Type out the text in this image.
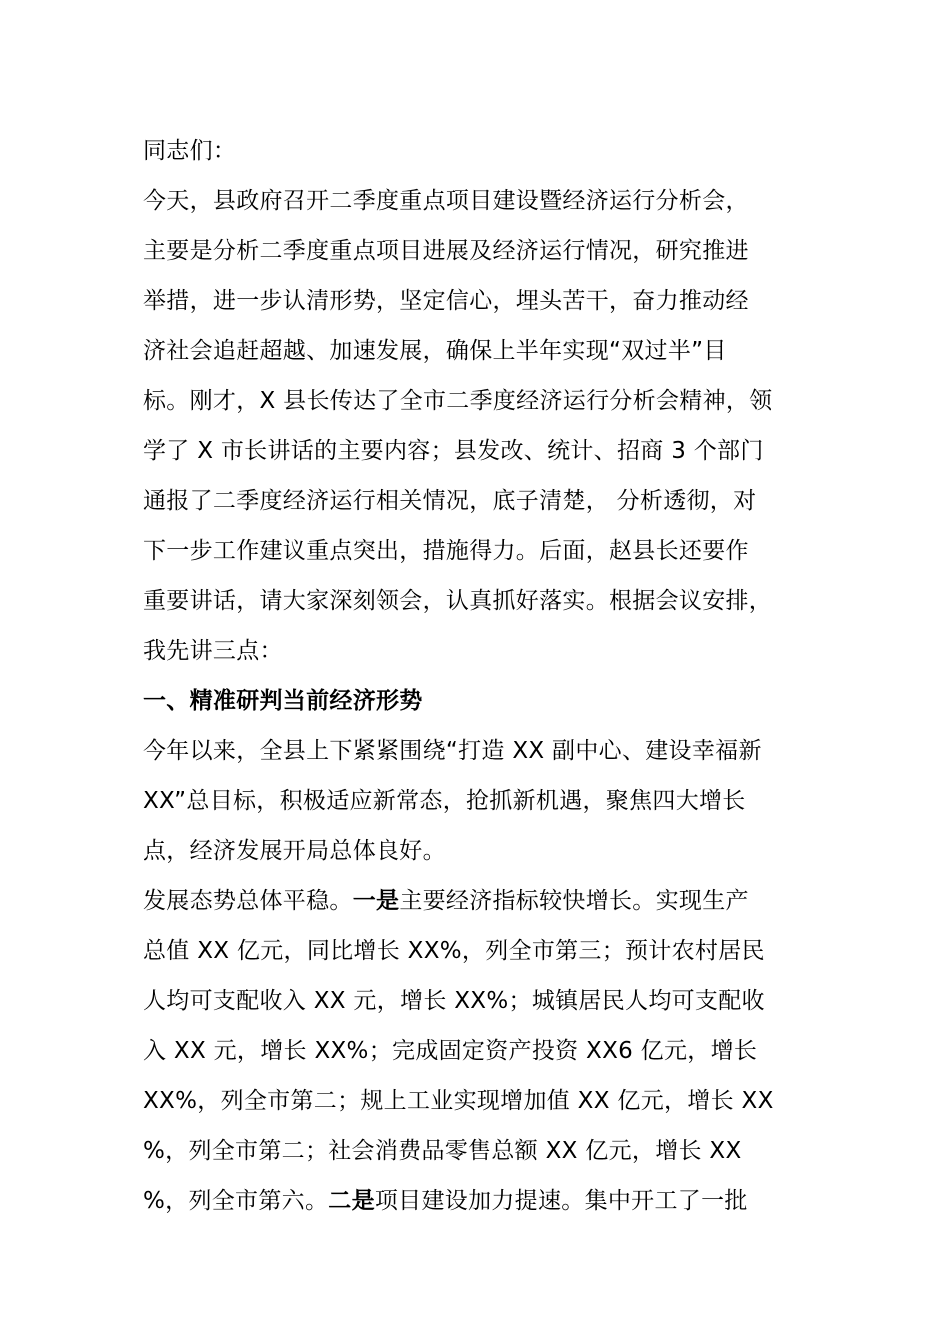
同志们：
今天，县政府召开二季度重点项目建设暨经济运行分析会，
主要是分析二季度重点项目进展及经济运行情况，研究推进
举措，进一步认清形势，坚定信心，埋头苦干，奋力推动经
济社会追赶超越、加速发展，确保上半年实现“双过半”目
标。刚才，X 县长传达了全市二季度经济运行分析会精神，领
学了 X 市长讲话的主要内容；县发改、统计、招商 3 个部门
通报了二季度经济运行相关情况，底子清楚， 分析透彻，对
下一步工作建议重点突出，措施得力。后面，赵县长还要作
重要讲话，请大家深刻领会，认真抓好落实。根据会议安排，
我先讲三点：
一、精准研判当前经济形势
今年以来，全县上下紧紧围绕“打造 XX 副中心、建设幸福新
XX”总目标，积极适应新常态，抢抓新机遇，聚焦四大增长
点，经济发展开局总体良好。
发展态势总体平稳。一是主要经济指标较快增长。实现生产
总值 XX 亿元，同比增长 XX%，列全市第三；预计农村居民
人均可支配收入 XX 元，增长 XX%；城镇居民人均可支配收
入 XX 元，增长 XX%；完成固定资产投资 XX6 亿元，增长
XX%，列全市第二；规上工业实现增加值 XX 亿元，增长 XX
%，列全市第二；社会消费品零售总额 XX 亿元，增长 XX
%，列全市第六。二是项目建设加力提速。集中开工了一批
